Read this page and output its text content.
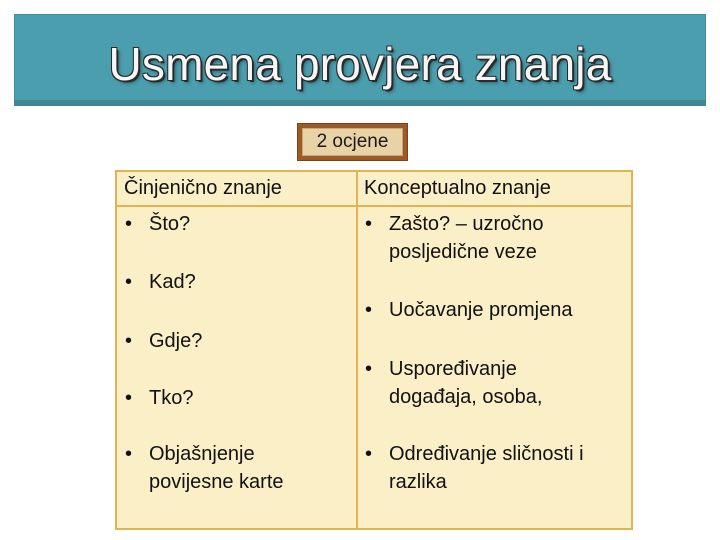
Usmena provjera znanja
2 ocjene
Činjenično znanje	Konceptualno znanje
• Što?
• Kad?
• Gdje?
• Tko?
• Objašnjenje povijesne karte
• Zašto? – uzročno posljedične veze
• Uočavanje promjena
• Uspoređivanje događaja, osoba,
• Određivanje sličnosti i razlika
